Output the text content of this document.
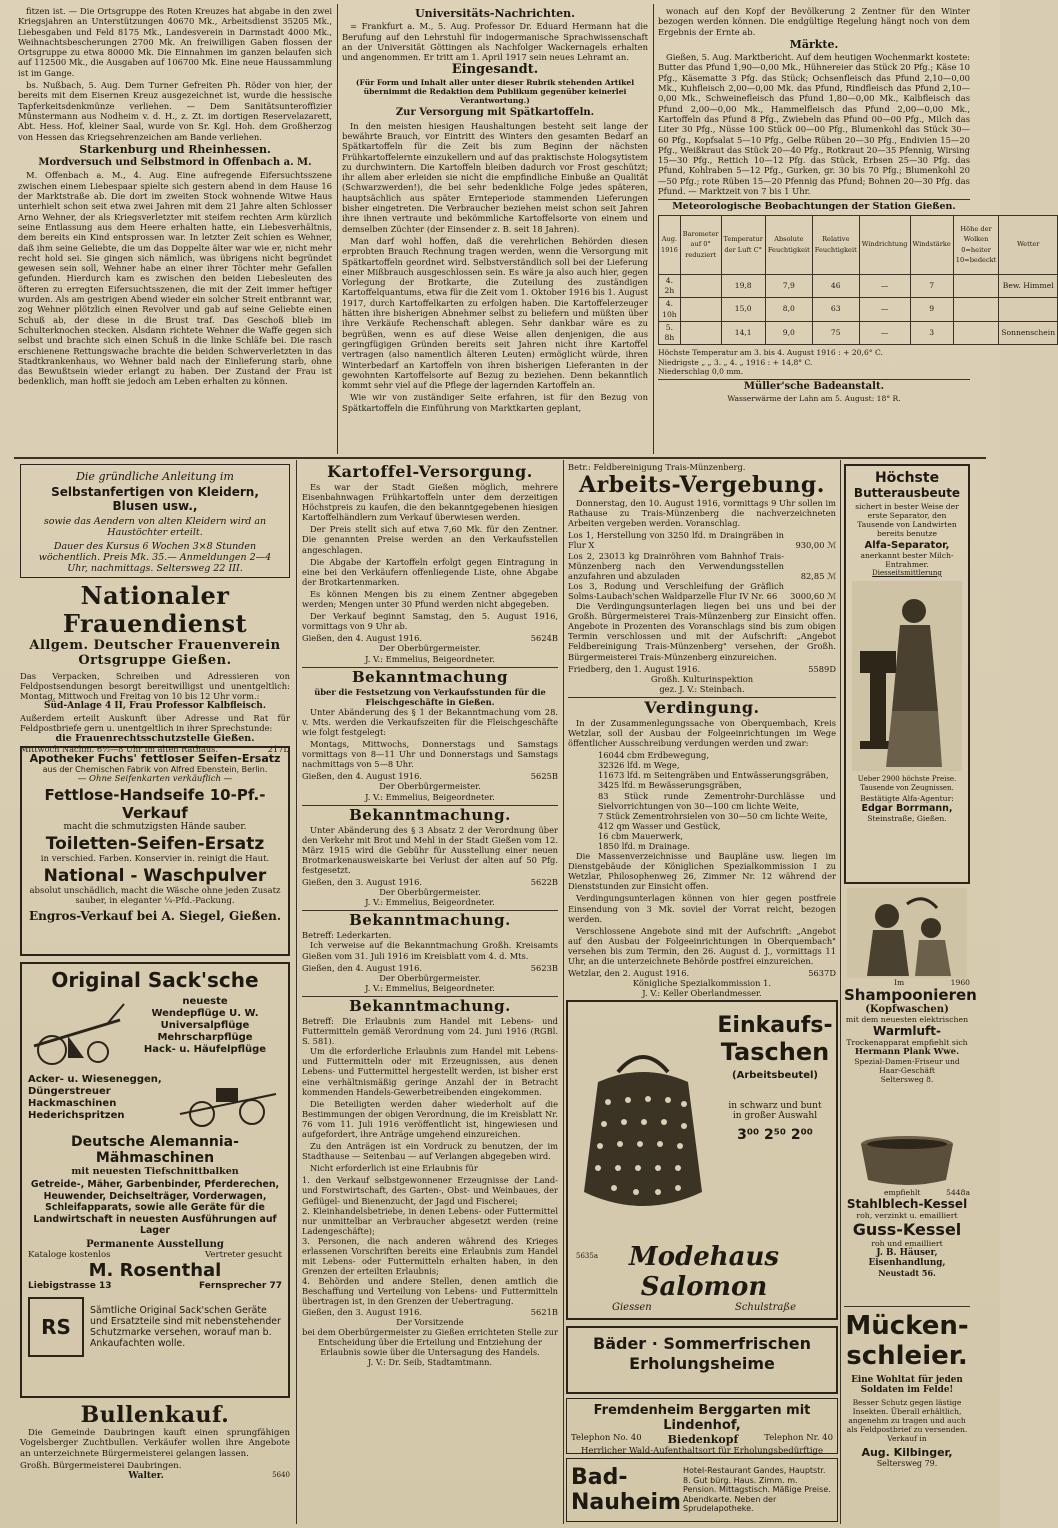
fitzen ist. — Die Ortsgruppe des Roten Kreuzes hat abgabe in den zwei Kriegsjahren an Unterstützungen 40670 Mk., Arbeitsdienst 35205 Mk., Liebesgaben und Feld 8175 Mk., Landesverein in Darmstadt 4000 Mk., Weihnachtsbescherungen 2700 Mk. An freiwilligen Gaben flossen der Ortsgruppe zu etwa 80000 Mk. Die Einnahmen im ganzen belaufen sich auf 112500 Mk., die Ausgaben auf 106700 Mk. Eine neue Haussammlung ist im Gange.

bs. Nußbach, 5. Aug. Dem Turner Gefreiten Ph. Röder von hier, der bereits mit dem Eisernen Kreuz ausgezeichnet ist, wurde die hessische Tapferkeitsdenkmünze verliehen. — Dem Sanitätsunteroffizier Münstermann aus Nodheim v. d. H., z. Zt. im dortigen Reservelazarett, Abt. Hess. Hof, kleiner Saal, wurde von Sr. Kgl. Hoh. dem Großherzog von Hessen das Kriegsehrenzeichen am Bande verliehen.

Starkenburg und Rheinhessen.
Mordversuch und Selbstmord in Offenbach a. M.

M. Offenbach a. M., 4. Aug. Eine aufregende Eifersuchtsszene zwischen einem Liebespaar spielte sich gestern abend in dem Hause 16 der Marktstraße ab. Die dort im zweiten Stock wohnende Witwe Haus unterhielt schon seit etwa zwei Jahren mit dem 21 Jahre alten Schlosser Arno Wehner, der als Kriegsverletzter mit steifem rechten Arm kürzlich seine Entlassung aus dem Heere erhalten hatte, ein Liebesverhältnis, dem bereits ein Kind entsprossen war. In letzter Zeit schien es Wehner, daß ihm seine Geliebte, die um das Doppelte älter war wie er, nicht mehr recht hold sei. Sie gingen sich nämlich, was übrigens nicht begründet gewesen sein soll, Wehner habe an einer ihrer Töchter mehr Gefallen gefunden. Hierdurch kam es zwischen den beiden Liebesleuten des öfteren zu erregten Eifersuchtsszenen, die mit der Zeit immer heftiger wurden. Als am gestrigen Abend wieder ein solcher Streit entbrannt war, zog Wehner plötzlich einen Revolver und gab auf seine Geliebte einen Schuß ab, der diese in die Brust traf. Das Geschoß blieb im Schulterknochen stecken. Alsdann richtete Wehner die Waffe gegen sich selbst und brachte sich einen Schuß in die linke Schläfe bei. Die rasch erschienene Rettungswache brachte die beiden Schwerverletzten in das Stadtkrankenhaus, wo Wehner bald nach der Einlieferung starb, ohne das Bewußtsein wieder erlangt zu haben. Der Zustand der Frau ist bedenklich, man hofft sie jedoch am Leben erhalten zu können.

Universitäts-Nachrichten.

= Frankfurt a. M., 5. Aug. Professor Dr. Eduard Hermann hat die Berufung auf den Lehrstuhl für indogermanische Sprachwissenschaft an der Universität Göttingen als Nachfolger Wackernagels erhalten und angenommen. Er tritt am 1. April 1917 sein neues Lehramt an.

Eingesandt.
(Für Form und Inhalt aller unter dieser Rubrik stehenden Artikel übernimmt die Redaktion dem Publikum gegenüber keinerlei Verantwortung.)
Zur Versorgung mit Spätkartoffeln.

In den meisten hiesigen Haushaltungen besteht seit lange der bewährte Brauch, vor Eintritt des Winters den gesamten Bedarf an Spätkartoffeln für die Zeit bis zum Beginn der nächsten Frühkartoffelernte einzukellern und auf das praktischste Hologsytistem zu durchwintern. Die Kartoffeln bleiben dadurch vor Frost geschützt; ihr allem aber erleiden sie nicht die empfindliche Einbuße an Qualität (Schwarzwerden!), die bei sehr bedenkliche Folge jedes späteren, hauptsächlich aus später Ernteperiode stammenden Lieferungen bisher eingetreten. Die Verbraucher beziehen meist schon seit Jahren ihre ihnen vertraute und bekömmliche Kartoffelsorte von einem und demselben Züchter (der Einsender z. B. seit 18 Jahren).

Man darf wohl hoffen, daß die verehrlichen Behörden diesen erprobten Brauch Rechnung tragen werden, wenn die Versorgung mit Spätkartoffeln geordnet wird. Selbstverständlich soll bei der Lieferung einer Mißbrauch ausgeschlossen sein. Es wäre ja also auch hier, gegen Vorlegung der Brotkarte, die Zuteilung des zuständigen Kartoffelquantums, etwa für die Zeit vom 1. Oktober 1916 bis 1. August 1917, durch Kartoffelkarten zu erfolgen haben. Die Kartoffelerzeuger hätten ihre bisherigen Abnehmer selbst zu beliefern und müßten über ihre Verkäufe Rechenschaft ablegen. Sehr dankbar wäre es zu begrüßen, wenn es auf diese Weise allen denjenigen, die aus geringfügigen Gründen bereits seit Jahren nicht ihre Kartoffel vertragen (also namentlich älteren Leuten) ermöglicht würde, ihren Winterbedarf an Kartoffeln von ihren bisherigen Lieferanten in der gewohnten Kartoffelsorte auf Bezug zu beziehen. Denn bekanntlich kommt sehr viel auf die Pflege der lagernden Kartoffeln an.

Wie wir von zuständiger Seite erfahren, ist für den Bezug von Spätkartoffeln die Einführung von Marktkarten geplant,

wonach auf den Kopf der Bevölkerung 2 Zentner für den Winter bezogen werden können. Die endgültige Regelung hängt noch von dem Ergebnis der Ernte ab.

Märkte.

Gießen, 5. Aug. Marktbericht. Auf dem heutigen Wochenmarkt kostete: Butter das Pfund 1,90—0,00 Mk., Hühnereier das Stück 20 Pfg.; Käse 10 Pfg., Käsematte 3 Pfg. das Stück; Ochsenfleisch das Pfund 2,10—0,00 Mk., Kuhfleisch 2,00—0,00 Mk. das Pfund, Rindfleisch das Pfund 2,10—0,00 Mk., Schweinefleisch das Pfund 1,80—0,00 Mk., Kalbfleisch das Pfund 2,00—0,00 Mk., Hammelfleisch das Pfund 2,00—0,00 Mk., Kartoffeln das Pfund 8 Pfg., Zwiebeln das Pfund 00—00 Pfg., Milch das Liter 30 Pfg., Nüsse 100 Stück 00—00 Pfg., Blumenkohl das Stück 30—60 Pfg., Kopfsalat 5—10 Pfg., Gelbe Rüben 20—30 Pfg., Endivien 15—20 Pfg., Weißkraut das Stück 20—40 Pfg., Rotkraut 20—35 Pfennig, Wirsing 15—30 Pfg., Rettich 10—12 Pfg. das Stück, Erbsen 25—30 Pfg. das Pfund, Kohlraben 5—12 Pfg., Gurken, gr. 30 bis 70 Pfg.; Blumenkohl 20—50 Pfg.; rote Rüben 15—20 Pfennig das Pfund; Bohnen 20—30 Pfg. das Pfund. — Marktzeit von 7 bis 1 Uhr.

Meteorologische Beobachtungen der Station Gießen.
Aug. 1916	Barometer auf 0° reduziert	Temperatur der Luft C°	Absolute Feuchtigkeit	Relative Feuchtigkeit	Windrichtung	Windstärke	Höhe der Wolken 0=heiter 10=bedeckt	Wetter
4. 2h		19,8	7,9	46	—	7		Bew. Himmel
4. 10h		15,0	8,0	63	—	9		
5. 8h		14,1	9,0	75	—	3		Sonnenschein
Höchste Temperatur am 3. bis 4. August 1916 : + 20,6° C.
Niedrigste „ „ 3. „ 4. „ 1916 : + 14,8° C.
Niederschlag 0,0 mm.
Müller'sche Badeanstalt.
Wasserwärme der Lahn am 5. August: 18° R.
Die gründliche Anleitung im
Selbstanfertigen von Kleidern, Blusen usw.,
sowie das Aendern von alten Kleidern wird an Haustöchter erteilt.
Dauer des Kursus 6 Wochen 3×8 Stunden wöchentlich. Preis Mk. 35.— Anmeldungen 2—4 Uhr, nachmittags. Seltersweg 22 III.
Nationaler Frauendienst
Allgem. Deutscher Frauenverein
Ortsgruppe Gießen.
Das Verpacken, Schreiben und Adressieren von Feldpostsendungen besorgt bereitwilligst und unentgeltlich: Montag, Mittwoch und Freitag von 10 bis 12 Uhr vorm.:
Süd-Anlage 4 II, Frau Professor Kalbfleisch.
Außerdem erteilt Auskunft über Adresse und Rat für Feldpostbriefe gern u. unentgeltlich in ihrer Sprechstunde:
die Frauenrechtsschutzstelle Gießen.
Mittwoch Nachm. 6½—8 Uhr im alten Rathaus.	217D
Apotheker Fuchs' fettloser Seifen-Ersatz
aus der Chemischen Fabrik von Alfred Ebenstein, Berlin.
— Ohne Seifenkarten verkäuflich —
Fettlose-Handseife 10-Pf.-Verkauf
macht die schmutzigsten Hände sauber.
Toiletten-Seifen-Ersatz
in verschied. Farben. Konservier in. reinigt die Haut.
National - Waschpulver
absolut unschädlich, macht die Wäsche ohne jeden Zusatz sauber, in eleganter ¼-Pfd.-Packung.
Engros-Verkauf bei A. Siegel, Gießen.
Original Sack'sche
neueste
Wendepflüge U. W.
Universalpflüge
Mehrscharpflüge
Hack- u. Häufelpflüge
Acker- u. Wieseneggen,
Düngerstreuer
Hackmaschinen
Hederichspritzen
Deutsche Alemannia-Mähmaschinen
mit neuesten Tiefschnittbalken
Getreide-, Mäher, Garbenbinder, Pferderechen, Heuwender, Deichselträger, Vorderwagen, Schleifapparats, sowie alle Geräte für die Landwirtschaft in neuesten Ausführungen auf Lager
Permanente Ausstellung
Kataloge kostenlos	Vertreter gesucht
M. Rosenthal
Liebigstrasse 13	Fernsprecher 77
RS
Sämtliche Original Sack'schen Geräte und Ersatzteile sind mit nebenstehender Schutzmarke versehen, worauf man b. Ankaufachten wolle.
Bullenkauf.
Die Gemeinde Daubringen kauft einen sprungfähigen Vogelsberger Zuchtbullen. Verkäufer wollen ihre Angebote an unterzeichnete Bürgermeisterei gelangen lassen.
Großh. Bürgermeisterei Daubringen.
Walter.	5640
Kartoffel-Versorgung.

Es war der Stadt Gießen möglich, mehrere Eisenbahnwagen Frühkartoffeln unter dem derzeitigen Höchstpreis zu kaufen, die den bekanntgegebenen hiesigen Kartoffelhändlern zum Verkauf überwiesen werden.

Der Preis stellt sich auf etwa 7,60 Mk. für den Zentner. Die genannten Preise werden an den Verkaufsstellen angeschlagen.

Die Abgabe der Kartoffeln erfolgt gegen Eintragung in eine bei den Verkäufern offenliegende Liste, ohne Abgabe der Brotkartenmarken.

Es können Mengen bis zu einem Zentner abgegeben werden; Mengen unter 30 Pfund werden nicht abgegeben.

Der Verkauf beginnt Samstag, den 5. August 1916, vormittags von 9 Uhr ab.

Gießen, den 4. August 1916.	5624B
Der Oberbürgermeister.
J. V.: Emmelius, Beigeordneter.
Bekanntmachung
über die Festsetzung von Verkaufsstunden für die Fleischgeschäfte in Gießen.

Unter Abänderung des § 1 der Bekanntmachung vom 28. v. Mts. werden die Verkaufszeiten für die Fleischgeschäfte wie folgt festgelegt:

Montags, Mittwochs, Donnerstags und Samstags vormittags von 8—11 Uhr und Donnerstags und Samstags nachmittags von 5—8 Uhr.

Gießen, den 4. August 1916.	5625B
Der Oberbürgermeister.
J. V.: Emmelius, Beigeordneter.
Bekanntmachung.

Unter Abänderung des § 3 Absatz 2 der Verordnung über den Verkehr mit Brot und Mehl in der Stadt Gießen vom 12. März 1915 wird die Gebühr für Ausstellung einer neuen Brotmarkenausweiskarte bei Verlust der alten auf 50 Pfg. festgesetzt.

Gießen, den 3. August 1916.	5622B
Der Oberbürgermeister.
J. V.: Emmelius, Beigeordneter.
Bekanntmachung.
Betreff: Lederkarten.

Ich verweise auf die Bekanntmachung Großh. Kreisamts Gießen vom 31. Juli 1916 im Kreisblatt vom 4. d. Mts.

Gießen, den 4. August 1916.	5623B
Der Oberbürgermeister.
J. V.: Emmelius, Beigeordneter.
Bekanntmachung.
Betreff: Die Erlaubnis zum Handel mit Lebens- und Futtermitteln gemäß Verordnung vom 24. Juni 1916 (RGBl. S. 581).

Um die erforderliche Erlaubnis zum Handel mit Lebens- und Futtermitteln oder mit Erzeugnissen, aus denen Lebens- und Futtermittel hergestellt werden, ist bisher erst eine verhältnismäßig geringe Anzahl der in Betracht kommenden Handels-Gewerbetreibenden eingekommen.

Die Beteiligten werden daher wiederholt auf die Bestimmungen der obigen Verordnung, die im Kreisblatt Nr. 76 vom 11. Juli 1916 veröffentlicht ist, hingewiesen und aufgefordert, ihre Anträge umgehend einzureichen.

Zu den Anträgen ist ein Vordruck zu benutzen, der im Stadthause — Seitenbau — auf Verlangen abgegeben wird.

Nicht erforderlich ist eine Erlaubnis für

1. den Verkauf selbstgewonnener Erzeugnisse der Land- und Forstwirtschaft, des Garten-, Obst- und Weinbaues, der Geflügel- und Bienenzucht, der Jagd und Fischerei;
2. Kleinhandelsbetriebe, in denen Lebens- oder Futtermittel nur unmittelbar an Verbraucher abgesetzt werden (reine Ladengeschäfte);
3. Personen, die nach anderen während des Krieges erlassenen Vorschriften bereits eine Erlaubnis zum Handel mit Lebens- oder Futtermitteln erhalten haben, in den Grenzen der erteilten Erlaubnis;
4. Behörden und andere Stellen, denen amtlich die Beschaffung und Verteilung von Lebens- und Futtermitteln übertragen ist, in den Grenzen der Uebertragung.
Gießen, den 3. August 1916.	5621B
Der Vorsitzende
bei dem Oberbürgermeister zu Gießen errichteten Stelle zur Entscheidung über die Erteilung und Entziehung der Erlaubnis sowie über die Untersagung des Handels.
J. V.: Dr. Seib, Stadtamtmann.
Betr.: Feldbereinigung Trais-Münzenberg.
Arbeits-Vergebung.

Donnerstag, den 10. August 1916, vormittags 9 Uhr sollen im Rathause zu Trais-Münzenberg die nachverzeichneten Arbeiten vergeben werden. Voranschlag.

Los 1, Herstellung von 3250 lfd. m Draingräben in Flur X	930,00 ℳ
Los 2, 23013 kg Drainröhren vom Bahnhof Trais-Münzenberg nach den Verwendungsstellen anzufahren und abzuladen	82,85 ℳ
Los 3, Rodung und Verschleifung der Gräflich Solms-Laubach'schen Waldparzelle Flur IV Nr. 66	3000,60 ℳ

Die Verdingungsunterlagen liegen bei uns und bei der Großh. Bürgermeisterei Trais-Münzenberg zur Einsicht offen. Angebote in Prozenten des Voranschlags sind bis zum obigen Termin verschlossen und mit der Aufschrift: „Angebot Feldbereinigung Trais-Münzenberg" versehen, der Großh. Bürgermeisterei Trais-Münzenberg einzureichen.

Friedberg, den 1. August 1916.	5589D
Großh. Kulturinspektion
gez. J. V.: Steinbach.
Verdingung.

In der Zusammenlegungssache von Oberquembach, Kreis Wetzlar, soll der Ausbau der Folgeeinrichtungen im Wege öffentlicher Ausschreibung verdungen werden und zwar:

16044 cbm Erdbewegung,
32326 lfd. m Wege,
11673 lfd. m Seitengräben und Entwässerungsgräben,
3425 lfd. m Bewässerungsgräben,
83 Stück runde Zementrohr-Durchlässe und Sielvorrichtungen von 30—100 cm lichte Weite,
7 Stück Zementrohrsielen von 30—50 cm lichte Weite,
412 qm Wasser und Gestück,
16 cbm Mauerwerk,
1850 lfd. m Drainage.

Die Massenverzeichnisse und Baupläne usw. liegen im Dienstgebäude der Königlichen Spezialkommission I zu Wetzlar, Philosophenweg 26, Zimmer Nr. 12 während der Dienststunden zur Einsicht offen.

Verdingungsunterlagen können von hier gegen postfreie Einsendung von 3 Mk. soviel der Vorrat reicht, bezogen werden.

Verschlossene Angebote sind mit der Aufschrift: „Angebot auf den Ausbau der Folgeeinrichtungen in Oberquembach" versehen bis zum Termin, den 26. August d. J., vormittags 11 Uhr, an die unterzeichnete Behörde postfrei einzureichen.

Wetzlar, den 2. August 1916.	5637D
Königliche Spezialkommission 1.
J. V.: Keller Oberlandmesser.
Einkaufs-
Taschen
(Arbeitsbeutel)
in schwarz und bunt
in großer Auswahl
3⁰⁰ 2⁵⁰ 2⁰⁰
Modehaus Salomon
Giessen	Schulstraße
5635a
Bäder · Sommerfrischen
Erholungsheime
Fremdenheim Berggarten mit Lindenhof,
Telephon No. 40 Biedenkopf	Telephon Nr. 40
Herrlicher Wald-Aufenthaltsort für Erholungsbedürftige
Bad-Nauheim
Hotel-Restaurant Gandes, Hauptstr. 8. Gut bürg. Haus. Zimm. m. Pension. Mittagstisch. Mäßige Preise. Abendkarte. Neben der Sprudelapotheke.
Höchste
Butterausbeute
sichert in bester Weise der erste Separator, den Tausende von Landwirten bereits benutze
Alfa-Separator,
anerkannt bester Milch-Entrahmer.
Diesseitsmittlerung
Ueber 2900 höchste Preise. Tausende von Zeugnissen.
Bestätigte Alfa-Agentur:
Edgar Borrmann,
Steinstraße, Gießen.
Im	1960
Shampoonieren
(Kopfwaschen)
mit dem neuesten elektrischen
Warmluft-
Trockenapparat empfiehlt sich
Hermann Plank Wwe.
Spezial-Damen-Friseur und Haar-Geschäft
Seltersweg 8.
empfiehlt	5448a
Stahlblech-Kessel
roh, verzinkt u. emailliert
Guss-Kessel
roh und emailliert
J. B. Häuser, Eisenhandlung,
Neustadt 56.
Mücken-
schleier.
Eine Wohltat für jeden Soldaten im Felde!
Besser Schutz gegen lästige Insekten. Überall erhältlich, angenehm zu tragen und auch als Feldpostbrief zu versenden. Verkauf in
Aug. Kilbinger,
Seltersweg 79.
